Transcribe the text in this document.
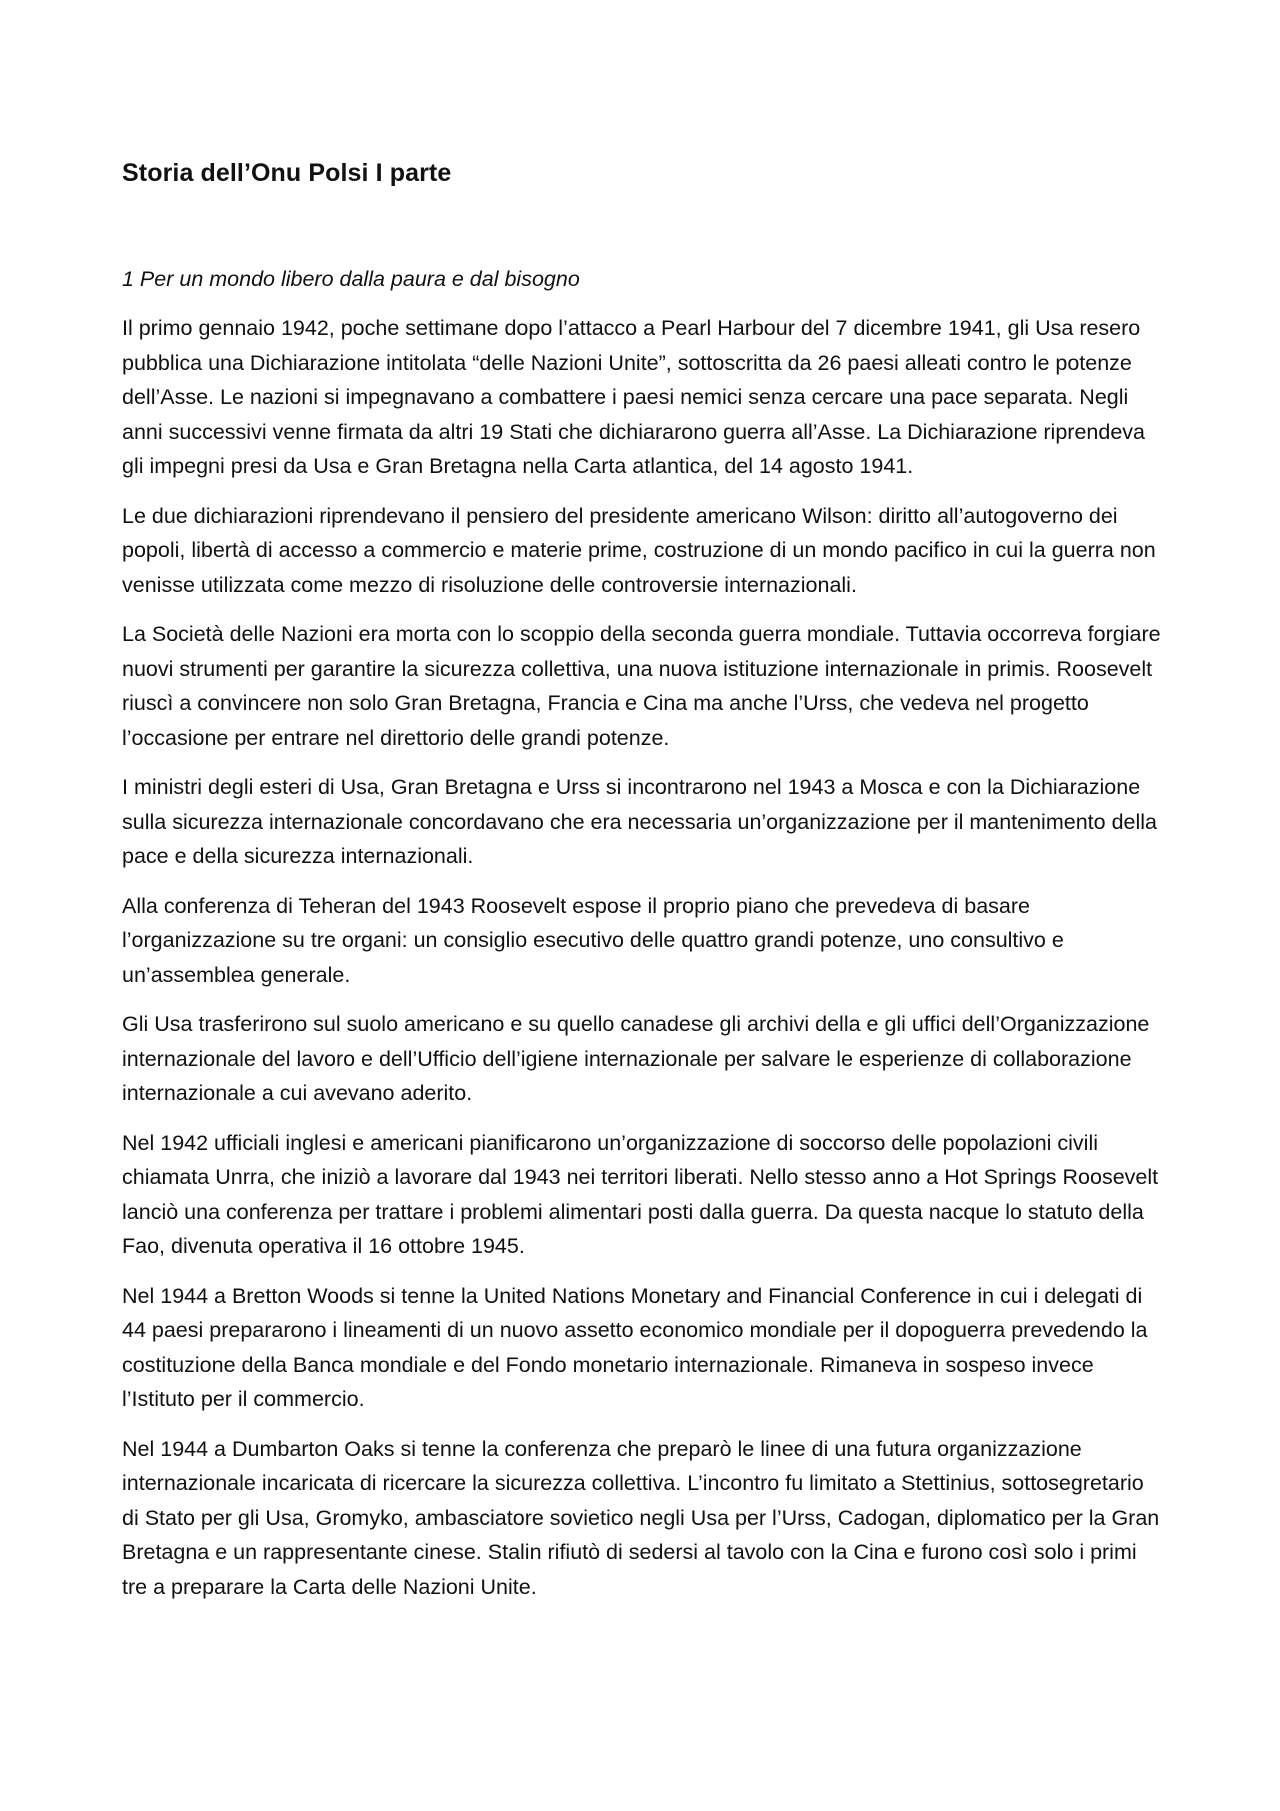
Storia dell’Onu Polsi I parte

1 Per un mondo libero dalla paura e dal bisogno

Il primo gennaio 1942, poche settimane dopo l’attacco a Pearl Harbour del 7 dicembre 1941, gli Usa resero pubblica una Dichiarazione intitolata “delle Nazioni Unite”, sottoscritta da 26 paesi alleati contro le potenze dell’Asse. Le nazioni si impegnavano a combattere i paesi nemici senza cercare una pace separata. Negli anni successivi venne firmata da altri 19 Stati che dichiararono guerra all’Asse. La Dichiarazione riprendeva gli impegni presi da Usa e Gran Bretagna nella Carta atlantica, del 14 agosto 1941.

Le due dichiarazioni riprendevano il pensiero del presidente americano Wilson: diritto all’autogoverno dei popoli, libertà di accesso a commercio e materie prime, costruzione di un mondo pacifico in cui la guerra non venisse utilizzata come mezzo di risoluzione delle controversie internazionali.

La Società delle Nazioni era morta con lo scoppio della seconda guerra mondiale. Tuttavia occorreva forgiare nuovi strumenti per garantire la sicurezza collettiva, una nuova istituzione internazionale in primis. Roosevelt riuscì a convincere non solo Gran Bretagna, Francia e Cina ma anche l’Urss, che vedeva nel progetto l’occasione per entrare nel direttorio delle grandi potenze.

I ministri degli esteri di Usa, Gran Bretagna e Urss si incontrarono nel 1943 a Mosca e con la Dichiarazione sulla sicurezza internazionale concordavano che era necessaria un’organizzazione per il mantenimento della pace e della sicurezza internazionali.

Alla conferenza di Teheran del 1943 Roosevelt espose il proprio piano che prevedeva di basare l’organizzazione su tre organi: un consiglio esecutivo delle quattro grandi potenze, uno consultivo e un’assemblea generale.

Gli Usa trasferirono sul suolo americano e su quello canadese gli archivi della e gli uffici dell’Organizzazione internazionale del lavoro e dell’Ufficio dell’igiene internazionale per salvare le esperienze di collaborazione internazionale a cui avevano aderito.

Nel 1942 ufficiali inglesi e americani pianificarono un’organizzazione di soccorso delle popolazioni civili chiamata Unrra, che iniziò a lavorare dal 1943 nei territori liberati. Nello stesso anno a Hot Springs Roosevelt lanciò una conferenza per trattare i problemi alimentari posti dalla guerra. Da questa nacque lo statuto della Fao, divenuta operativa il 16 ottobre 1945.

Nel 1944 a Bretton Woods si tenne la United Nations Monetary and Financial Conference in cui i delegati di 44 paesi prepararono i lineamenti di un nuovo assetto economico mondiale per il dopoguerra prevedendo la costituzione della Banca mondiale e del Fondo monetario internazionale. Rimaneva in sospeso invece l’Istituto per il commercio.

Nel 1944 a Dumbarton Oaks si tenne la conferenza che preparò le linee di una futura organizzazione internazionale incaricata di ricercare la sicurezza collettiva. L’incontro fu limitato a Stettinius, sottosegretario di Stato per gli Usa, Gromyko, ambasciatore sovietico negli Usa per l’Urss, Cadogan, diplomatico per la Gran Bretagna e un rappresentante cinese. Stalin rifiutò di sedersi al tavolo con la Cina e furono così solo i primi tre a preparare la Carta delle Nazioni Unite.
